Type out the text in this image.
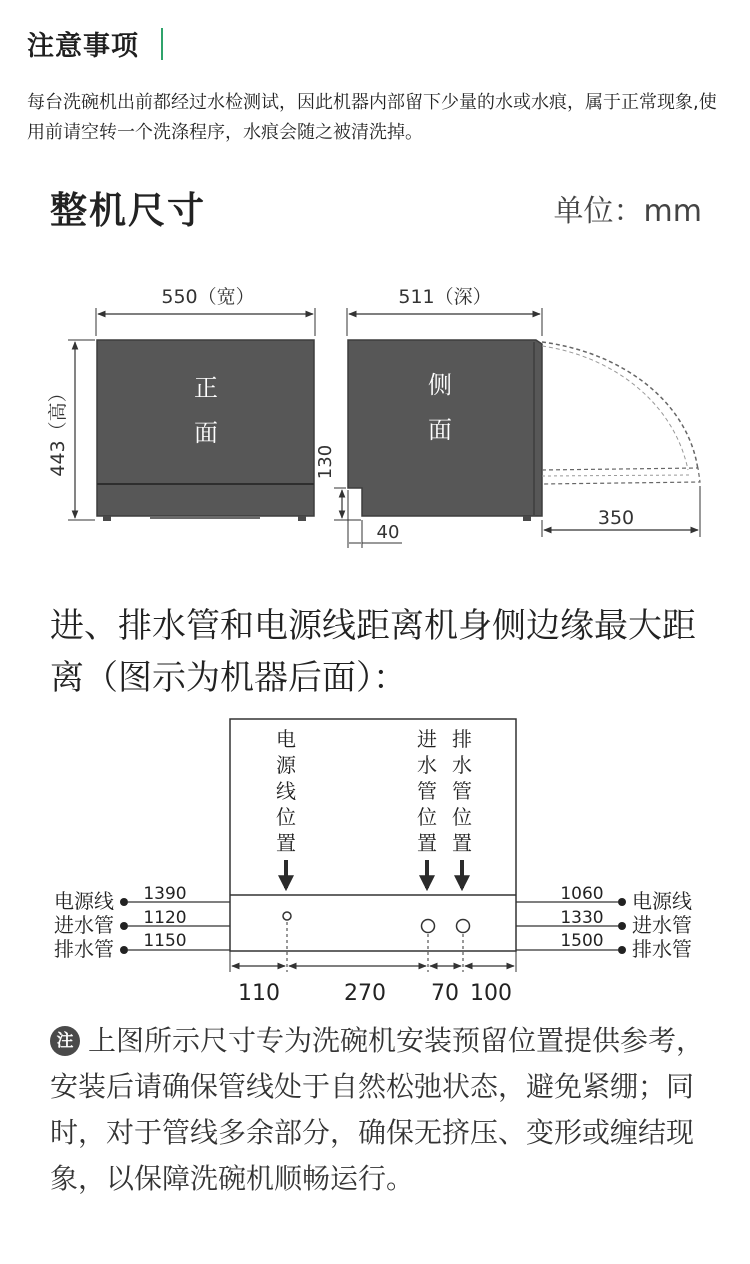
注意事项
每台洗碗机出前都经过水检测试，因此机器内部留下少量的水或水痕，属于正常现象,使用前请空转一个洗涤程序，水痕会随之被清洗掉。
整机尺寸	单位：mm
550（宽）
正
面
443（高）
511（深）
侧
面
130
40
350
进、排水管和电源线距离机身侧边缘最大距离（图示为机器后面）：
电
源
线
位
置
进
水
管
位
置
排
水
管
位
置
110	270 70 100
电源线 1390
进水管 1120
排水管 1150
1060 电源线
1330 进水管
1500 排水管
注 上图所示尺寸专为洗碗机安装预留位置提供参考，安装后请确保管线处于自然松弛状态，避免紧绷；同时，对于管线多余部分，确保无挤压、变形或缠结现象，以保障洗碗机顺畅运行。
